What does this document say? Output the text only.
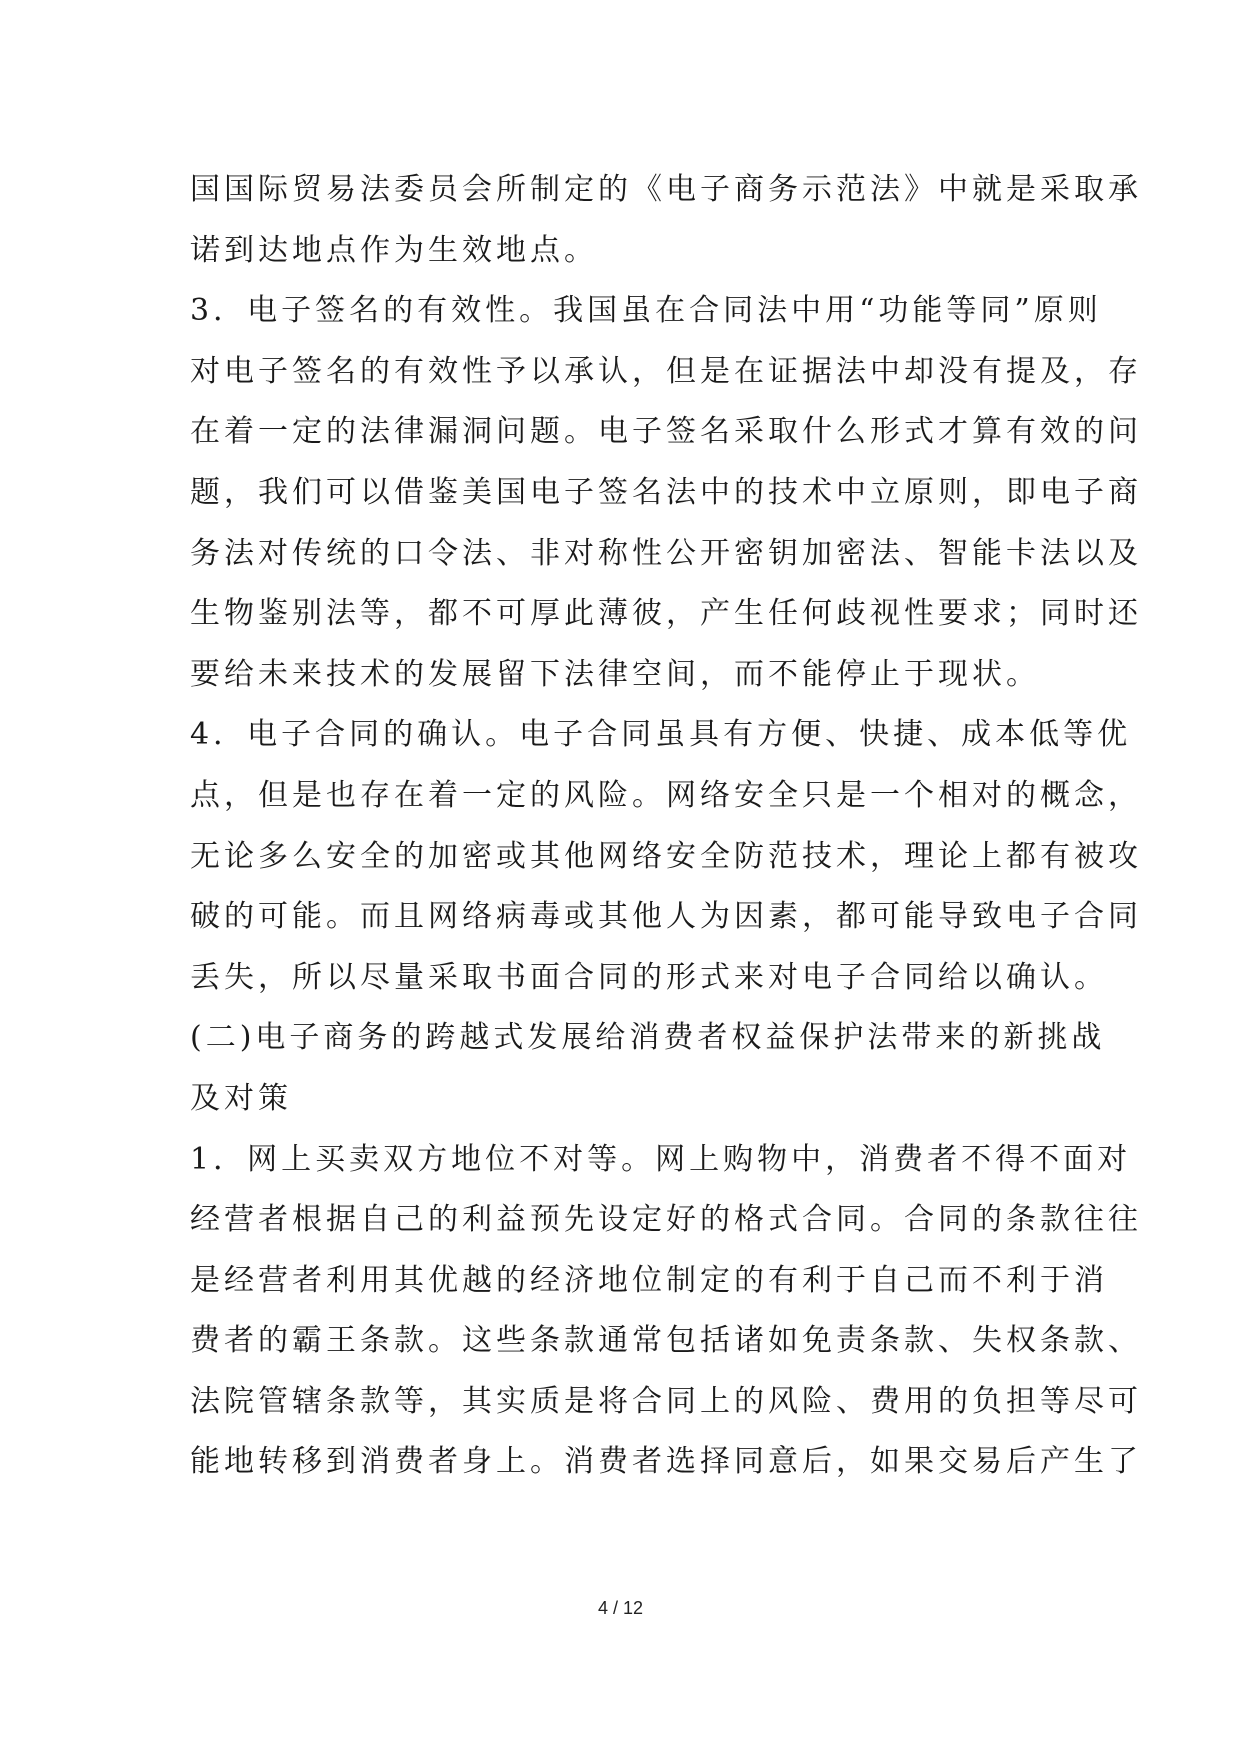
国国际贸易法委员会所制定的《电子商务示范法》中就是采取承
诺到达地点作为生效地点。
3．电子签名的有效性。我国虽在合同法中用“功能等同”原则
对电子签名的有效性予以承认，但是在证据法中却没有提及，存
在着一定的法律漏洞问题。电子签名采取什么形式才算有效的问
题，我们可以借鉴美国电子签名法中的技术中立原则，即电子商
务法对传统的口令法、非对称性公开密钥加密法、智能卡法以及
生物鉴别法等，都不可厚此薄彼，产生任何歧视性要求；同时还
要给未来技术的发展留下法律空间，而不能停止于现状。
4．电子合同的确认。电子合同虽具有方便、快捷、成本低等优
点，但是也存在着一定的风险。网络安全只是一个相对的概念，
无论多么安全的加密或其他网络安全防范技术，理论上都有被攻
破的可能。而且网络病毒或其他人为因素，都可能导致电子合同
丢失，所以尽量采取书面合同的形式来对电子合同给以确认。
(二)电子商务的跨越式发展给消费者权益保护法带来的新挑战
及对策
1．网上买卖双方地位不对等。网上购物中，消费者不得不面对
经营者根据自己的利益预先设定好的格式合同。合同的条款往往
是经营者利用其优越的经济地位制定的有利于自己而不利于消
费者的霸王条款。这些条款通常包括诸如免责条款、失权条款、
法院管辖条款等，其实质是将合同上的风险、费用的负担等尽可
能地转移到消费者身上。消费者选择同意后，如果交易后产生了
4 / 12
